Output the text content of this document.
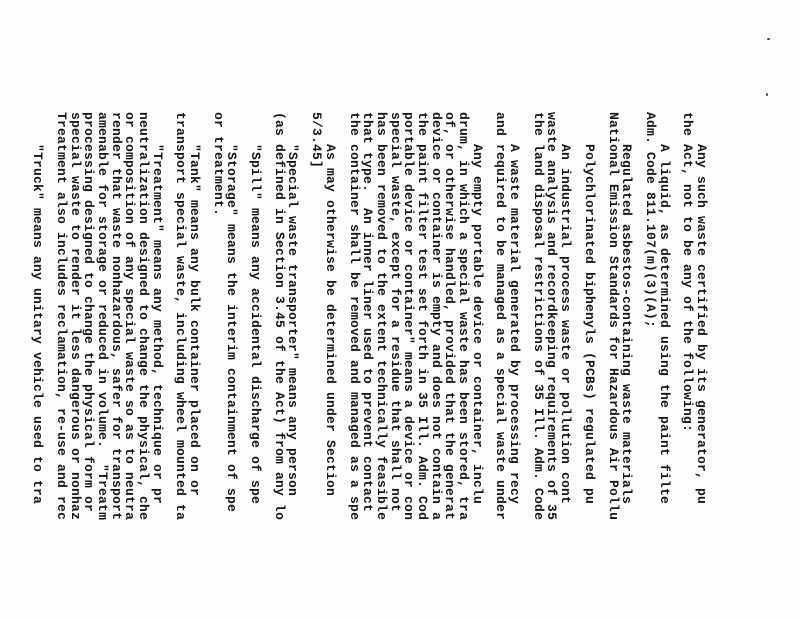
Any such waste certified by its generator, pu
the Act, not to be any of the following:
A liquid, as determined using the paint filte
Adm. Code 811.107(m)(3)(A);
Regulated asbestos-containing waste materials
National Emission Standards for Hazardous Air Pollu
Polychlorinated biphenyls (PCBs) regulated pu
An industrial process waste or pollution cont
waste analysis and recordkeeping requirements of 35
the land disposal restrictions of 35 Ill. Adm. Code
A waste material generated by processing recy
and required to be managed as a special waste under
Any empty portable device or container, inclu
drum, in which a special waste has been stored, tra
of, or otherwise handled, provided that the generat
device or container is empty and does not contain a
the paint filter test set forth in 35 Ill. Adm. Cod
portable device or container" means a device or con
special waste, except for a residue that shall not
has been removed to the extent technically feasible
that type.  An inner liner used to prevent contact
the container shall be removed and managed as a spe
As may otherwise be determined under Section
5/3.45]
"Special waste transporter" means any person
(as defined in Section 3.45 of the Act) from any lo
"Spill" means any accidental discharge of spe
"Storage" means the interim containment of spe
or treatment.
"Tank" means any bulk container placed on or
transport special waste, including wheel mounted ta
"Treatment" means any method, technique or pr
neutralization designed to change the physical, che
or composition of any special waste so as to neutra
render that waste nonhazardous, safer for transport
amenable for storage or reduced in volume.  "Treatm
processing designed to change the physical form or
special waste to render it less dangerous or nonhaz
Treatment also includes reclamation, re-use and rec
"Truck" means any unitary vehicle used to tra
